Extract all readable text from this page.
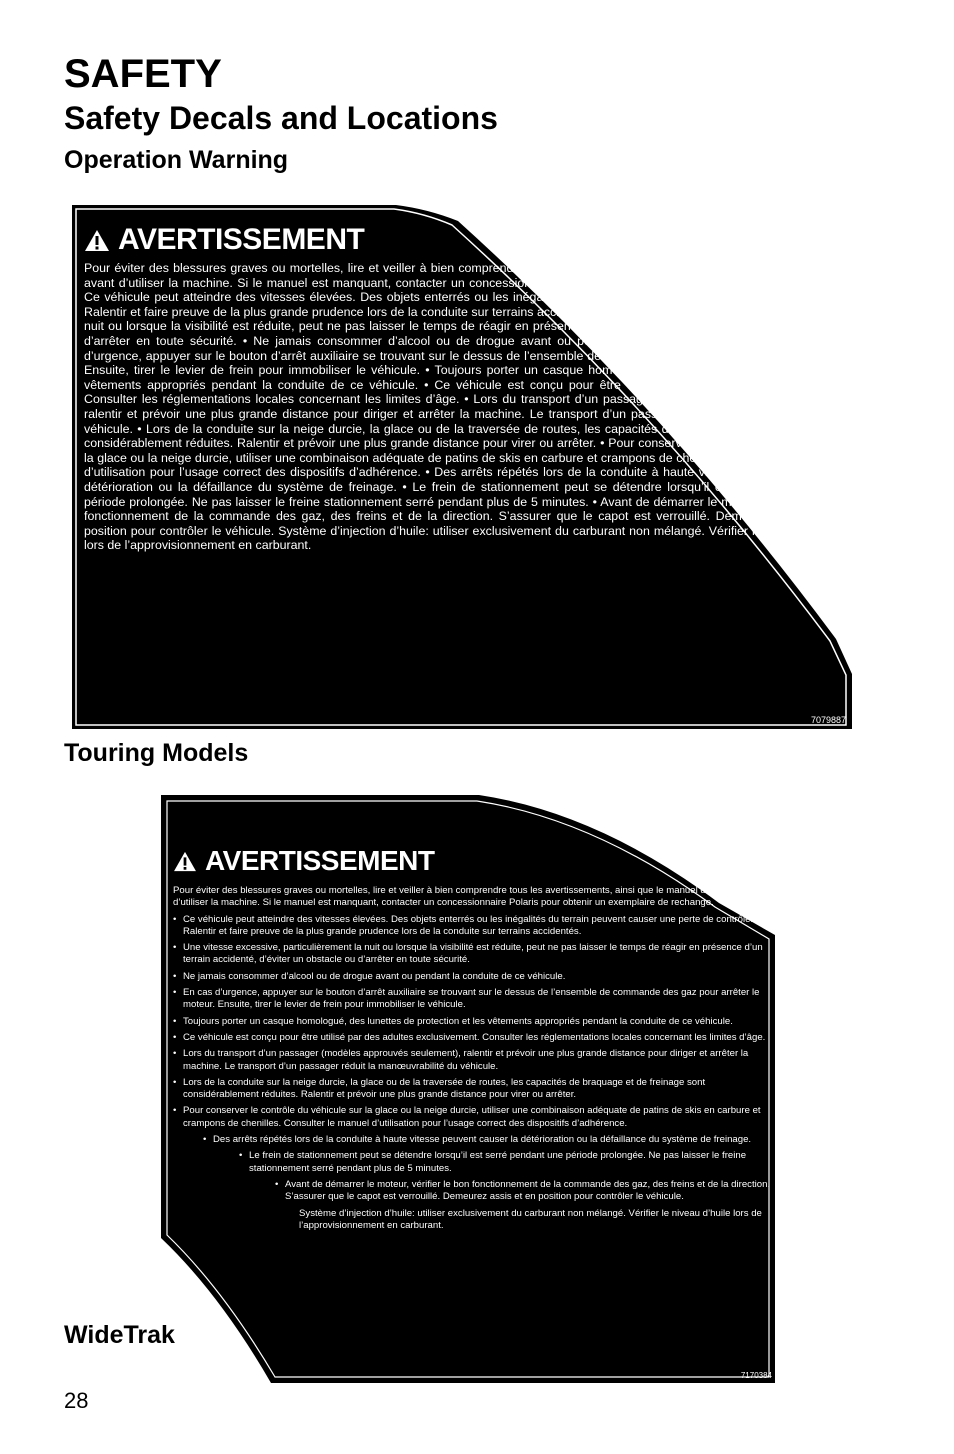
SAFETY
Safety Decals and Locations
Operation Warning
AVERTISSEMENT

Pour éviter des blessures graves ou mortelles, lire et veiller à bien comprendre tous les avertissements, ainsi que le manuel d’utilisation avant d’utiliser la machine. Si le manuel est manquant, contacter un concessionnaire Polaris pour obtenir un exemplaire de rechange. • Ce véhicule peut atteindre des vitesses élevées. Des objets enterrés ou les inégalités du terrain peuvent causer une perte de contrôle. Ralentir et faire preuve de la plus grande prudence lors de la conduite sur terrains accidentés. • Une vitesse excessive, particulièrement la nuit ou lorsque la visibilité est réduite, peut ne pas laisser le temps de réagir en présence d’un terrain accidenté, d’éviter un obstacle ou d’arrêter en toute sécurité. • Ne jamais consommer d’alcool ou de drogue avant ou pendant la conduite de ce véhicule. • En cas d’urgence, appuyer sur le bouton d’arrêt auxiliaire se trouvant sur le dessus de l’ensemble de commande des gaz pour arrêter le moteur. Ensuite, tirer le levier de frein pour immobiliser le véhicule. • Toujours porter un casque homologué, des lunettes de protection et les vêtements appropriés pendant la conduite de ce véhicule. • Ce véhicule est conçu pour être utilisé par des adultes exclusivement. Consulter les réglementations locales concernant les limites d’âge. • Lors du transport d’un passager (modèles approuvés seulement), ralentir et prévoir une plus grande distance pour diriger et arrêter la machine. Le transport d’un passager réduit la manœuvrabilité du véhicule. • Lors de la conduite sur la neige durcie, la glace ou de la traversée de routes, les capacités de braquage et de freinage sont considérablement réduites. Ralentir et prévoir une plus grande distance pour virer ou arrêter. • Pour conserver le contrôle du véhicule sur la glace ou la neige durcie, utiliser une combinaison adéquate de patins de skis en carbure et crampons de chenilles. Consulter le manuel d’utilisation pour l’usage correct des dispositifs d’adhérence. • Des arrêts répétés lors de la conduite à haute vitesse peuvent causer la détérioration ou la défaillance du système de freinage. • Le frein de stationnement peut se détendre lorsqu’il est serré pendant une période prolongée. Ne pas laisser le freine stationnement serré pendant plus de 5 minutes. • Avant de démarrer le moteur, vérifier le bon fonctionnement de la commande des gaz, des freins et de la direction. S’assurer que le capot est verrouillé. Demeurez assis et en position pour contrôler le véhicule. Système d’injection d’huile: utiliser exclusivement du carburant non mélangé. Vérifier le niveau d’huile lors de l’approvisionnement en carburant.

7079887
Touring Models
AVERTISSEMENT

Pour éviter des blessures graves ou mortelles, lire et veiller à bien comprendre tous les avertissements, ainsi que le manuel d’utiliser avant d’utiliser la machine. Si le manuel est manquant, contacter un concessionnaire Polaris pour obtenir un exemplaire de rechange.

• Ce véhicule peut atteindre des vitesses élevées. Des objets enterrés ou les inégalités du terrain peuvent causer une perte de contrôle. Ralentir et faire preuve de la plus grande prudence lors de la conduite sur terrains accidentés.

• Une vitesse excessive, particulièrement la nuit ou lorsque la visibilité est réduite, peut ne pas laisser le temps de réagir en présence d’un terrain accidenté, d’éviter un obstacle ou d’arrêter en toute sécurité.

• Ne jamais consommer d’alcool ou de drogue avant ou pendant la conduite de ce véhicule.

• En cas d’urgence, appuyer sur le bouton d’arrêt auxiliaire se trouvant sur le dessus de l’ensemble de commande des gaz pour arrêter le moteur. Ensuite, tirer le levier de frein pour immobiliser le véhicule.

• Toujours porter un casque homologué, des lunettes de protection et les vêtements appropriés pendant la conduite de ce véhicule.

• Ce véhicule est conçu pour être utilisé par des adultes exclusivement. Consulter les réglementations locales concernant les limites d’âge.

• Lors du transport d’un passager (modèles approuvés seulement), ralentir et prévoir une plus grande distance pour diriger et arrêter la machine. Le transport d’un passager réduit la manœuvrabilité du véhicule.

• Lors de la conduite sur la neige durcie, la glace ou de la traversée de routes, les capacités de braquage et de freinage sont considérablement réduites. Ralentir et prévoir une plus grande distance pour virer ou arrêter.

• Pour conserver le contrôle du véhicule sur la glace ou la neige durcie, utiliser une combinaison adéquate de patins de skis en carbure et crampons de chenilles. Consulter le manuel d’utilisation pour l’usage correct des dispositifs d’adhérence.

• Des arrêts répétés lors de la conduite à haute vitesse peuvent causer la détérioration ou la défaillance du système de freinage.

• Le frein de stationnement peut se détendre lorsqu’il est serré pendant une période prolongée. Ne pas laisser le freine stationnement serré pendant plus de 5 minutes.

• Avant de démarrer le moteur, vérifier le bon fonctionnement de la commande des gaz, des freins et de la direction. S’assurer que le capot est verrouillé. Demeurez assis et en position pour contrôler le véhicule.

Système d’injection d’huile: utiliser exclusivement du carburant non mélangé. Vérifier le niveau d’huile lors de l’approvisionnement en carburant.

7170384
WideTrak
28
